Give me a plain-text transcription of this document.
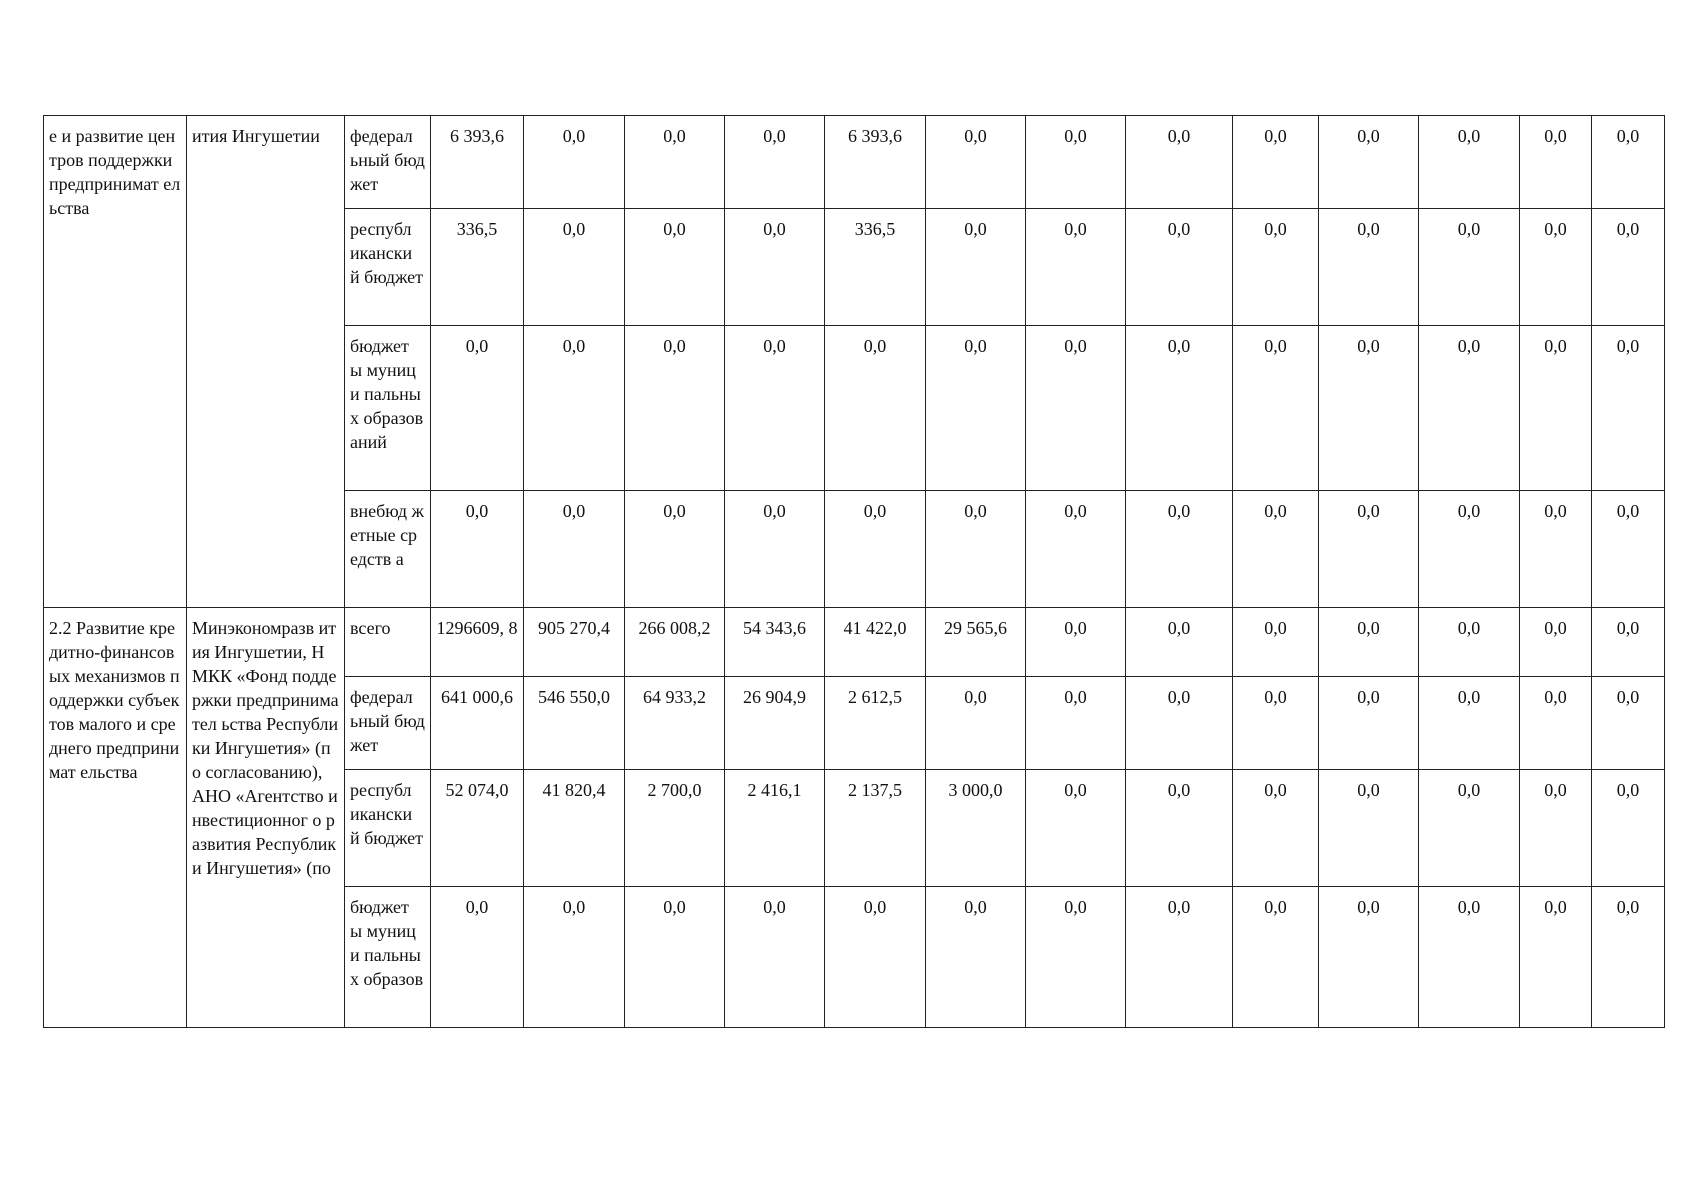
е и развитие центров поддержки предпринимат ельства	ития Ингушетии	федерал ьный бюджет	6 393,6	0,0	0,0	0,0	6 393,6	0,0	0,0	0,0	0,0	0,0	0,0	0,0	0,0
		республ икански й бюджет	336,5	0,0	0,0	0,0	336,5	0,0	0,0	0,0	0,0	0,0	0,0	0,0	0,0
		бюджет ы муници пальных образов аний	0,0	0,0	0,0	0,0	0,0	0,0	0,0	0,0	0,0	0,0	0,0	0,0	0,0
		внебюд жетные средств а	0,0	0,0	0,0	0,0	0,0	0,0	0,0	0,0	0,0	0,0	0,0	0,0	0,0
2.2 Развитие кредитно-финансовых механизмов поддержки субъектов малого и среднего предпринимат ельства	Минэкономразв ития Ингушетии, НМКК «Фонд поддержки предпринимател ьства Республики Ингушетия» (по согласованию), АНО «Агентство инвестиционног о развития Республики Ингушетия» (по	всего	1296609, 8	905 270,4	266 008,2	54 343,6	41 422,0	29 565,6	0,0	0,0	0,0	0,0	0,0	0,0	0,0
		федерал ьный бюджет	641 000,6	546 550,0	64 933,2	26 904,9	2 612,5	0,0	0,0	0,0	0,0	0,0	0,0	0,0	0,0
		республ икански й бюджет	52 074,0	41 820,4	2 700,0	2 416,1	2 137,5	3 000,0	0,0	0,0	0,0	0,0	0,0	0,0	0,0
		бюджет ы муници пальных образов	0,0	0,0	0,0	0,0	0,0	0,0	0,0	0,0	0,0	0,0	0,0	0,0	0,0
